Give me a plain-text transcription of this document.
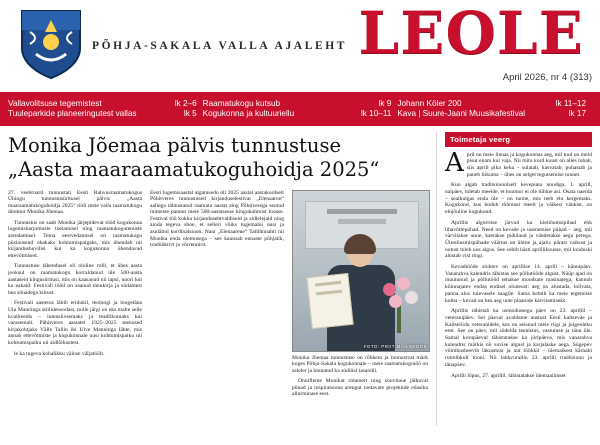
PÕHJA-SAKALA VALLA AJALEHT LEOLE
April 2026, nr 4 (313)
Vallavolitsuse tegemistest	lk 2–6 Raamatukogu kutsub	lk 9 Johann Köler 200	lk 11–12
Tuuleparkide planeeringutest vallas	lk 5 Kogukonna ja kultuuriellu	lk 10–11 Kava | Suure-Jaani Muusikafestival	lk 17
Monika Jõemaa pälvis tunnustuse
„Aasta maaraamatukoguhoidja 2025“

27. veebruaril tunnustati Eesti Rahvusraamatukogus Ühingu tunnustusüritusel pälvis „Aasta maaraamatukoguhoidja 2025“ tiitli meie valla raamatukogu direktor Monika Jõemaa.

Tunnustus on saab Monika järjepidevat tööd kogukonna lugemisharjumuste toetamisel ning raamatukogutenuste arendamisel. Tema eestvedamisel on raamatukogu püsinuseud ohakaks kohtumispaigaks, mis ühendab nii kirjandushuvilisi kui ka kogukonna ühendavad ettevõtmised.

Tunnustuse tähendusel oli oluline rolli, et ühes aasta jooksul on raamatukogu korraldanud üle 500-aasta aastaseid kingusüritusi, mis on kaasanud nii lapsi, noori kui ka eakaid. Festivali tööd on saanud tänukirja ja südamest hea sõnadega kiitust.

Festivali aastetus läbib eridukil, teoloogi ja loogetäna Uiu Manninga stiilidesoodast, mille järgi on eks malte selle kvaliteedis – intensiivsemaks ja teadlikumaks kui varasemalt. Pähitveres aastatel 1925–2025 teenused kirjakohtjaks Välle Tallin iki Ulve Manninga lähte, mis annab ettevõtmiste ja kogukonnale uusi kohtumispaiku nii kohtumispaiku nii aidlõikustest.

le ka tugeva kohalikku väinse väljatöölt.

Eesti lugemisaastal algatusedo oli 2025 aastal aastakordselt Põhitveres tunnustused kirjanduselestival „Elenaaron“ aallega tähtustatud raamatu aastat aing Põhitverega seotud inimeste pannut meie 500-aastasesse kingukuhmist loosse. Festival töö kokku kirjandusehtvaldiseid ja sidlelejaid ning ainda tegeva shoe, et selleri võiks lugemalni uusi ja asuläbid kordinatsioon. Nani „Elenaarene“ Tallihnnahti nii Monika enda olemusega – see kaunsab ennaste põhjalik, tradüüktivt ja võrrennirit.

FOTO: PRIIT MAILSBOOK

Monika Jõemaa tunnustuse on rõhkem ja tunnustvat märk koges Põhja-Sakala kogukonnale – meie raamatukogutöö on saleler ja hinnatud ka südilisl tasandil.

Onnifleme Monikat ridamert ning soovitaue jätkuvat põnad ja inspiratsiona arengut toetavate projektide edasika allurminase eest.

Toimetaja veerg

April on meie linnas ja kogukonnas aeg, mil tuul on meid pisut enam kui vaja. Nii mitu kord kuust on alles lubab, siis aprill pika keha – sulatab, kasvatab, puhastab ja paneb liikuma – ühes on selget tegutsemise tunnet.

Kuu algab traditsioonilselt kevepuna noodiga. 1. aprill, nalpäev, tuletab meelde, et huumor ei ole tühine asi. Osata naerda – sealhulgas enda üle – on tunne, mis teeb elu kergemaks. Kogukond, kus leidub rõõmust meelt ja väikest vänkist, on elujõuline kogukond.

Aprillis algorritse järvud ka kleitõumsipihad ehk lihavõttepühad. Need on kevade ja uuenemise pühad – aeg, mil värvitakse unne, kaetakse pidulaud ja vändetakse aega perega. Ülestõusmispühade väärtus on ühtne ja ajalu: pärast vaikust ja ootust tuleb uus algus. See sobib hästi aprillikuusse, mil looduski ahistab vist ringi.

Kevadtööde siubtev on aprillise 14. aprill – kännipäev. Vanarahva kalendris tähistas see põllutööde algust. Nüüp ajad on muutunud ja põllutööd tehakse moodsate masinatega, kannub kõinnajatev endas endisel oluneust: aeg on alustada, loilvata, panna alus tulevasele saagile. Sama kehtib ka meie tegemiste kohta – kevad on hea aeg uute plaanide käivitamiseks.

Aprillis tähistab ka usmodussega päev on 23. aprillil – veteranipäev. Sel päeval avaldame austust Eesti kaitseväe ja Kaitseliidu veteranidele, kes on seisnud meie riigi ja julgeoleku eest. See on päev, mil südelda teenistus, vastutuse ja tänu üle. Samal korupäeval tähistatakse ka jüripäeva, mis vanarahva kalendris märkis nii suvise algust ja karjalaske aega. Sügepev võimbusbeevib läkusmist ja uut tõõkkit – ülemaikest kärnabi rutmibkult tooni. Nii lahkvurallin 23. aprilli traditsioon ja tänapäev.

Aprilli lõpus, 27. aprillil, tähistatakse ülemaailmset
